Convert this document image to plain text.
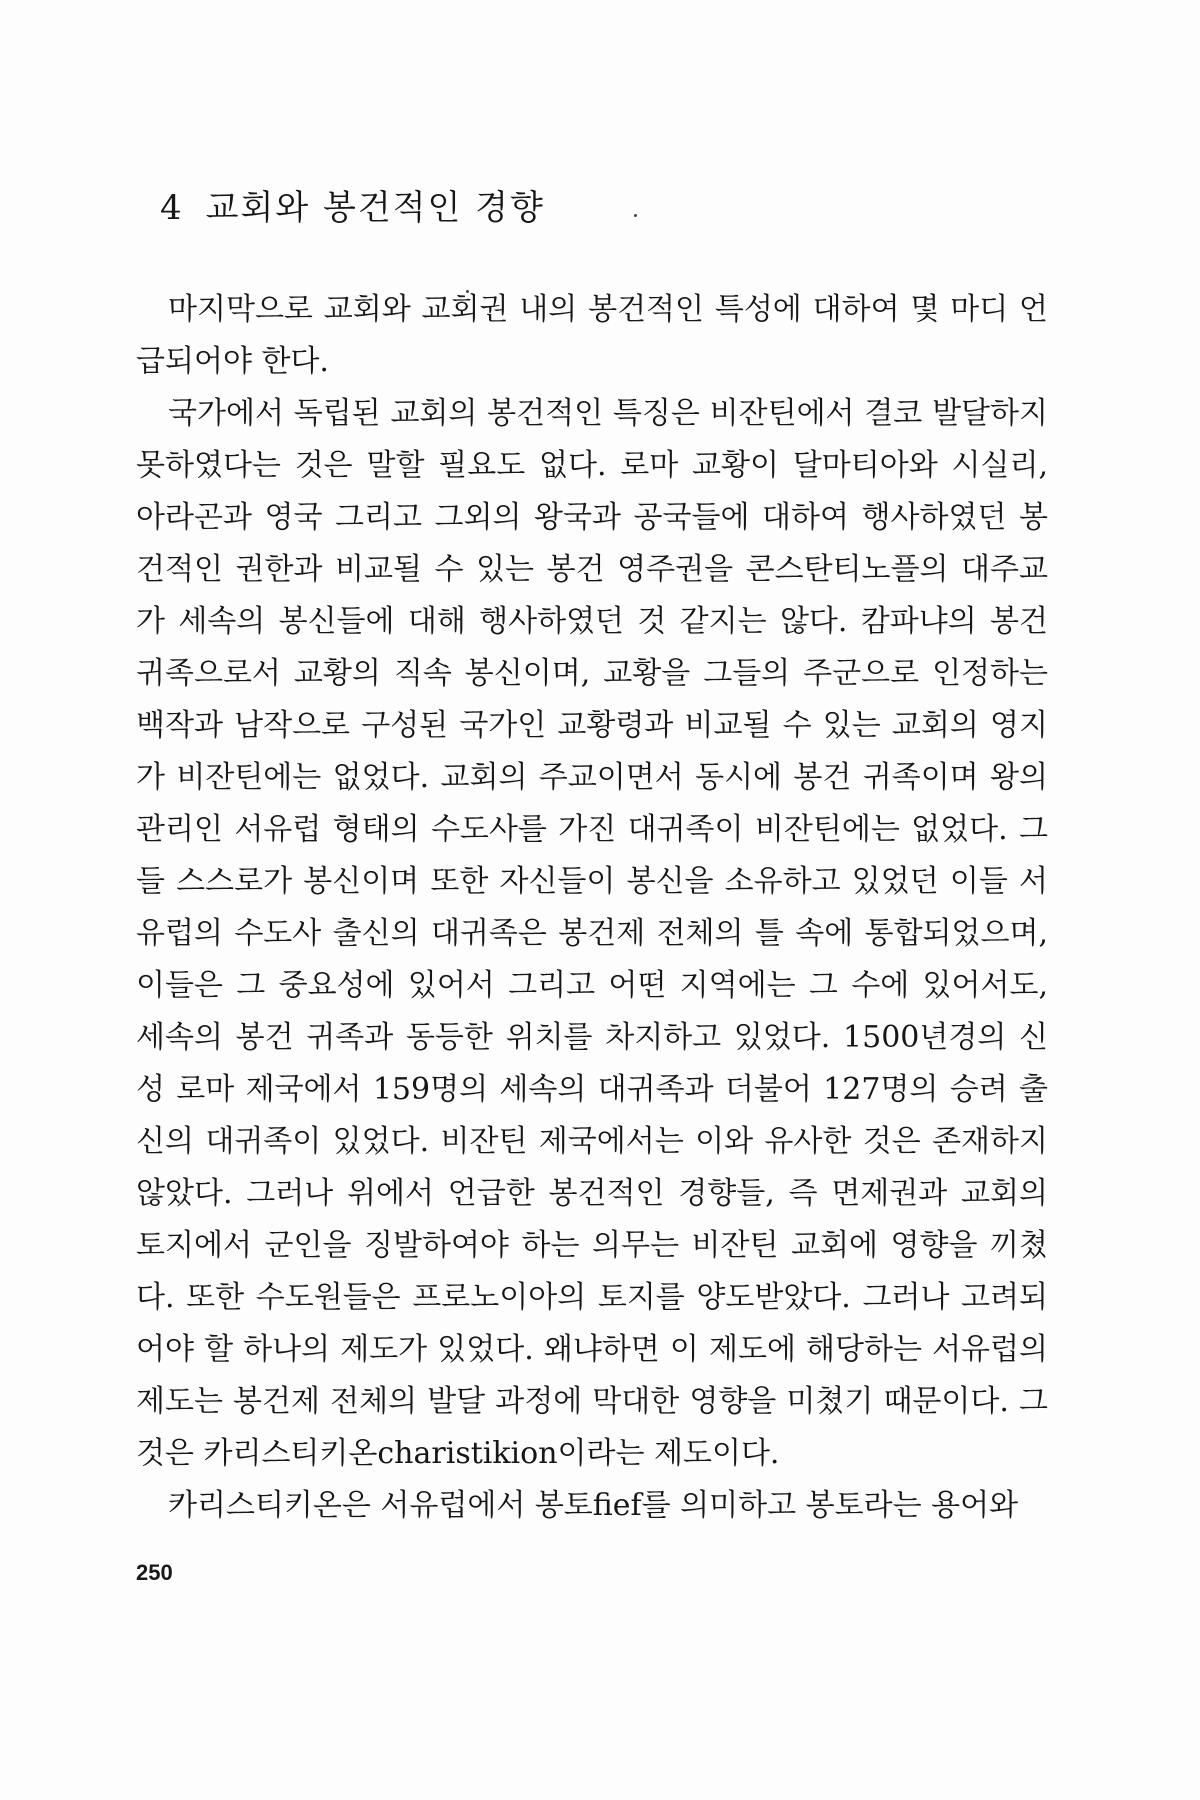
4 교회와 봉건적인 경향

마지막으로 교회와 교회권 내의 봉건적인 특성에 대하여 몇 마디 언급되어야 한다.

국가에서 독립된 교회의 봉건적인 특징은 비잔틴에서 결코 발달하지 못하였다는 것은 말할 필요도 없다. 로마 교황이 달마티아와 시실리, 아라곤과 영국 그리고 그외의 왕국과 공국들에 대하여 행사하였던 봉건적인 권한과 비교될 수 있는 봉건 영주권을 콘스탄티노플의 대주교가 세속의 봉신들에 대해 행사하였던 것 같지는 않다. 캄파냐의 봉건 귀족으로서 교황의 직속 봉신이며, 교황을 그들의 주군으로 인정하는 백작과 남작으로 구성된 국가인 교황령과 비교될 수 있는 교회의 영지가 비잔틴에는 없었다. 교회의 주교이면서 동시에 봉건 귀족이며 왕의 관리인 서유럽 형태의 수도사를 가진 대귀족이 비잔틴에는 없었다. 그들 스스로가 봉신이며 또한 자신들이 봉신을 소유하고 있었던 이들 서유럽의 수도사 출신의 대귀족은 봉건제 전체의 틀 속에 통합되었으며, 이들은 그 중요성에 있어서 그리고 어떤 지역에는 그 수에 있어서도, 세속의 봉건 귀족과 동등한 위치를 차지하고 있었다. 1500년경의 신성 로마 제국에서 159명의 세속의 대귀족과 더불어 127명의 승려 출신의 대귀족이 있었다. 비잔틴 제국에서는 이와 유사한 것은 존재하지 않았다. 그러나 위에서 언급한 봉건적인 경향들, 즉 면제권과 교회의 토지에서 군인을 징발하여야 하는 의무는 비잔틴 교회에 영향을 끼쳤다. 또한 수도원들은 프로노이아의 토지를 양도받았다. 그러나 고려되어야 할 하나의 제도가 있었다. 왜냐하면 이 제도에 해당하는 서유럽의 제도는 봉건제 전체의 발달 과정에 막대한 영향을 미쳤기 때문이다. 그것은 카리스티키온charistikion이라는 제도이다.

카리스티키온은 서유럽에서 봉토fief를 의미하고 봉토라는 용어와

250
